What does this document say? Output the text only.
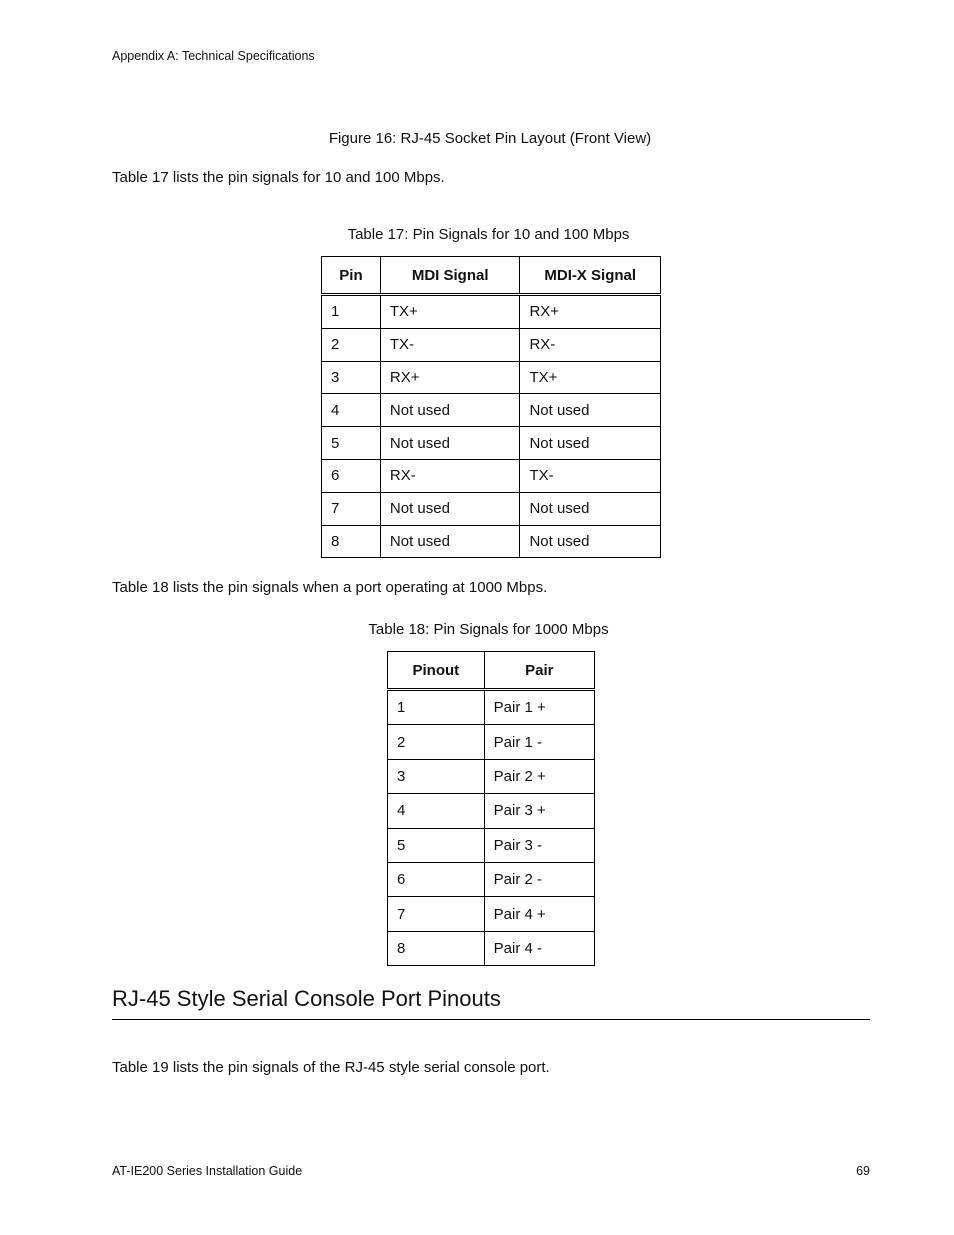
Appendix A: Technical Specifications
Figure 16: RJ-45 Socket Pin Layout (Front View)
Table 17 lists the pin signals for 10 and 100 Mbps.
Table 17: Pin Signals for 10 and 100 Mbps
Pin	MDI Signal	MDI-X Signal
1	TX+	RX+
2	TX-	RX-
3	RX+	TX+
4	Not used	Not used
5	Not used	Not used
6	RX-	TX-
7	Not used	Not used
8	Not used	Not used
Table 18 lists the pin signals when a port operating at 1000 Mbps.
Table 18: Pin Signals for 1000 Mbps
Pinout	Pair
1	Pair 1 +
2	Pair 1 -
3	Pair 2 +
4	Pair 3 +
5	Pair 3 -
6	Pair 2 -
7	Pair 4 +
8	Pair 4 -
RJ-45 Style Serial Console Port Pinouts
Table 19 lists the pin signals of the RJ-45 style serial console port.
AT-IE200 Series Installation Guide	69
